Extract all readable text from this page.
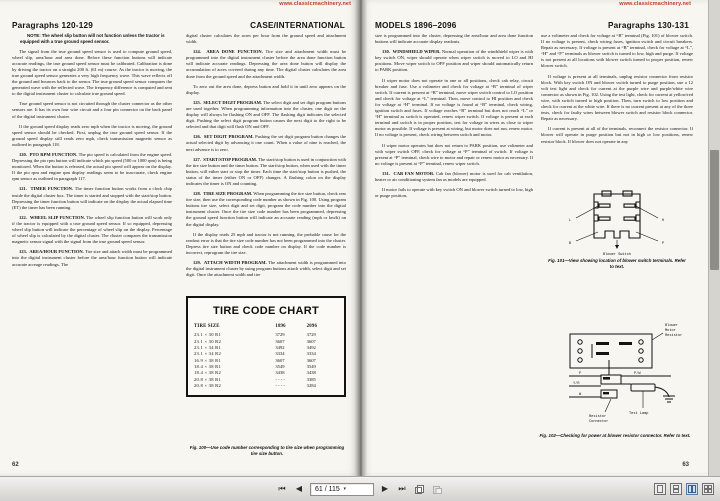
www.classicmachinery.net
Paragraphs 120-129	CASE/INTERNATIONAL

NOTE: The wheel slip button will not function unless the tractor is equipped with a true ground speed sensor.

The signal from the true ground speed sensor is used to compute ground speed, wheel slip, area/hour and area done. Before these function buttons will indicate accurate readings, the true ground speed sensor must be calibrated. Calibration is done by driving the tractor on a straight 200 ft. (61 m) course. As the tractor is moving, the true ground speed sensor generates a very high frequency wave. This wave reflects off the ground and bounces back to the sensor. The true ground speed sensor compares the generated wave with the reflected wave. The frequency difference is computed and sent to the digital instrument cluster to calculate true ground speed.

True ground speed sensor is not circuited through the cluster connector as the other sensors are. It has its own four wire circuit and a four pin connector on the back panel of the digital instrument cluster.

If the ground speed display reads zero mph when the tractor is moving, the ground speed sensor should be checked. First, unplug the true ground speed sensor. If the ground speed display still reads zero mph, check transmission magnetic sensor as outlined in paragraph 118.

120. PTO RPM FUNCTION. The pto speed is calculated from the engine speed. Depressing the pto rpm button will indicate which pto speed (500 or 1000 rpm) is being monitored. When the button is released, the actual pto speed will appear on the display. If the pto rpm and engine rpm display readings seem to be inaccurate, check engine rpm sensor as outlined in paragraph 117.

121. TIMER FUNCTION. The timer function button works from a clock chip inside the digital cluster box. The timer is started and stopped with the start/stop button. Depressing the timer function button will indicate on the display the actual elapsed time (ET) the timer has been running.

122. WHEEL SLIP FUNCTION. The wheel slip function button will work only if the tractor is equipped with a true ground speed sensor. If so equipped, depressing wheel slip button will indicate the percentage of wheel slip on the display. Percentage of wheel slip is calculated by the digital cluster. The cluster compares the transmission magnetic sensor signal with the signal from the true ground speed sensor.

123. AREA/HOUR FUNCTION. Tire size and attach width must be programmed into the digital instrument cluster before the area/hour function button will indicate accurate acreage readings. The

digital cluster calculates the acres per hour from the ground speed and attachment width.

124. AREA DONE FUNCTION. Tire size and attachment width must be programmed into the digital instrument cluster before the area done function button will indicate accurate readings. Depressing the area done button will display the accumulation of acres covered during any time. The digital cluster calculates the area done from the ground speed and the attachment width.

To zero out the area done, depress button and hold it in until zero appears on the display.

125. SELECT DIGIT PROGRAM. The select digit and set digit program buttons are used together. When programming information into the cluster, one digit on the display will always be flashing ON and OFF. The flashing digit indicates the selected digit. Pushing the select digit program button causes the next digit to the right to be selected and that digit will flash ON and OFF.

126. SET DIGIT PROGRAM. Pushing the set digit program button changes the actual selected digit by advancing it one count. When a value of nine is reached, the next advance is to zero.

127. START/STOP PROGRAM. The start/stop button is used in conjunction with the tire size button and the timer button. The start/stop button, when used with the timer button, will either start or stop the timer. Each time the start/stop button is pushed, the status of the timer (either ON or OFF) changes. A flashing colon on the display indicates the timer is ON and counting.

128. TIRE SIZE PROGRAM. When programming the tire size button, check rear tire size, then use the corresponding code number as shown in Fig. 100. Using program buttons tire size, select digit and set digit, program the code number into the digital instrument cluster. Once the tire size code number has been programmed, depressing the ground speed function button will indicate an accurate reading (mph or km/h) on the digital display.

If the display reads 25 mph and tractor is not running, the probable cause for the readout error is that the tire size code number has not been programmed into the cluster. Depress tire size button and check code number on display. If the code number is incorrect, reprogram the tire size.

129. ATTACH WIDTH PROGRAM. The attachment width is programmed into the digital instrument cluster by using program buttons attach width, select digit and set digit. Once the attachment width and tire

62
www.classicmachinery.net
MODELS 1896–2096	Paragraphs 130-131

size is programmed into the cluster, depressing the area/hour and area done function buttons will indicate accurate display readouts.

130. WINDSHIELD WIPER. Normal operation of the windshield wiper is with key switch ON, wiper should operate when wiper switch is moved to LO and HI positions. Move wiper switch to OFF position and wiper should automatically return to PARK position.

If wiper motor does not operate in one or all positions, check cab relay, circuit breaker and fuse. Use a voltmeter and check for voltage at “B” terminal of wiper switch. If current is present at “B” terminal, move wiper switch control to LO position and check for voltage at “L” terminal. Then, move control to HI position and check for voltage at “H” terminal. If no voltage is found at “B” terminal, check wiring, ignition switch and fuses. If voltage reaches “B” terminal but does not reach “L” or “H” terminal as switch is operated, renew wiper switch. If voltage is present at each terminal and switch is in proper position, test for voltage in wires as close to wiper motor as possible. If voltage is present at wiring, but motor does not run, renew motor. If no voltage is present, check wiring between switch and motor.

If wiper motor operates but does not return to PARK position, use voltmeter and with wiper switch OFF, check for voltage at “P” terminal of switch. If voltage is present at “P” terminal, check wire to motor and repair or renew motor as necessary. If no voltage is present at “P” terminal, renew wiper switch.

131. CAB FAN MOTOR. Cab fan (blower) motor is used for cab ventilation, heater or air conditioning system fan as models are equipped.

If motor fails to operate with key switch ON and blower switch turned to low, high or purge position,

use a voltmeter and check for voltage at “B” terminal (Fig. 101) of blower switch. If no voltage is present, check wiring fuses, ignition switch and circuit breakers. Repair as necessary. If voltage is present at “B” terminal, check for voltage at “L”, “H” and “P” terminals as blower switch is turned to low, high and purge. If voltage is not present at all locations with blower switch turned to proper position, renew blower switch.

If voltage is present at all terminals, unplug resistor connector from resistor block. With key switch ON and blower switch turned to purge position, use a 12 volt test light and check for current at the purple wire and purple/white wire connector as shown in Fig. 102. Using the test light, check for current at yellow/red wire, with switch turned to high position. Then, turn switch to low position and check for current at the white wire. If there is no current present at any of the three tests, check for faulty wires between blower switch and resistor block connector. Repair as necessary.

If current is present at all of the terminals, reconnect the resistor connector. If blower will operate in purge position but not in high or low positions, renew resistor block. If blower does not operate in any

L	H
B	P
Blower Switch
Fig. 101—View showing location of blower switch terminals. Refer to text.
Blower
Motor
Resistor
P	P/W
Y/R
W
Resistor
Connector
Test Lamp
Fig. 102—Checking for power at blower resistor connector. Refer to text.
63
TIRE CODE CHART
TIRE SIZE	1896	2096
23.1 × 30 R1	3729	3729
23.1 × 30 R2	3607	3607
23.1 × 34 R1	3492	3492
23.1 × 34 R2	3334	3334
16.9 × 38 R1	3607	3607
18.4 × 38 R1	3549	3549
18.4 × 38 R2	3438	3438
20.8 × 38 R1	- - - -	3385
20.8 × 38 R2	- - - -	3284
Fig. 100—Use code number corresponding to tire size when programming tire size button.
⏮	◀	61 / 115 ▾	▶	⏭
